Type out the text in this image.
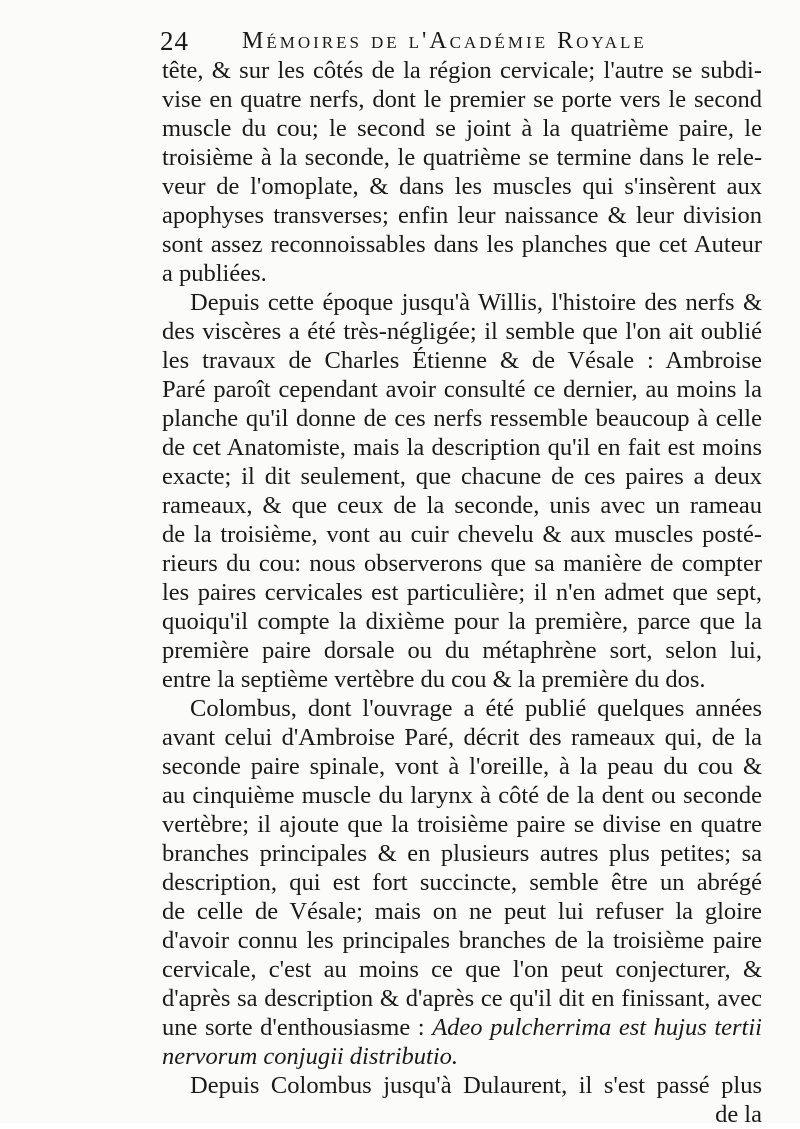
24 Mémoires de l'Académie Royale
tête, & sur les côtés de la région cervicale; l'autre se subdi-
vise en quatre nerfs, dont le premier se porte vers le second
muscle du cou; le second se joint à la quatrième paire, le
troisième à la seconde, le quatrième se termine dans le rele-
veur de l'omoplate, & dans les muscles qui s'insèrent aux
apophyses transverses; enfin leur naissance & leur division
sont assez reconnoissables dans les planches que cet Auteur
a publiées.
Depuis cette époque jusqu'à Willis, l'histoire des nerfs &
des viscères a été très-négligée; il semble que l'on ait oublié
les travaux de Charles Étienne & de Vésale : Ambroise
Paré paroît cependant avoir consulté ce dernier, au moins la
planche qu'il donne de ces nerfs ressemble beaucoup à celle
de cet Anatomiste, mais la description qu'il en fait est moins
exacte; il dit seulement, que chacune de ces paires a deux
rameaux, & que ceux de la seconde, unis avec un rameau
de la troisième, vont au cuir chevelu & aux muscles posté-
rieurs du cou: nous observerons que sa manière de compter
les paires cervicales est particulière; il n'en admet que sept,
quoiqu'il compte la dixième pour la première, parce que la
première paire dorsale ou du métaphrène sort, selon lui,
entre la septième vertèbre du cou & la première du dos.
Colombus, dont l'ouvrage a été publié quelques années
avant celui d'Ambroise Paré, décrit des rameaux qui, de la
seconde paire spinale, vont à l'oreille, à la peau du cou &
au cinquième muscle du larynx à côté de la dent ou seconde
vertèbre; il ajoute que la troisième paire se divise en quatre
branches principales & en plusieurs autres plus petites; sa
description, qui est fort succincte, semble être un abrégé
de celle de Vésale; mais on ne peut lui refuser la gloire
d'avoir connu les principales branches de la troisième paire
cervicale, c'est au moins ce que l'on peut conjecturer, &
d'après sa description & d'après ce qu'il dit en finissant, avec
une sorte d'enthousiasme : Adeo pulcherrima est hujus tertii
nervorum conjugii distributio.
Depuis Colombus jusqu'à Dulaurent, il s'est passé plus
de la
